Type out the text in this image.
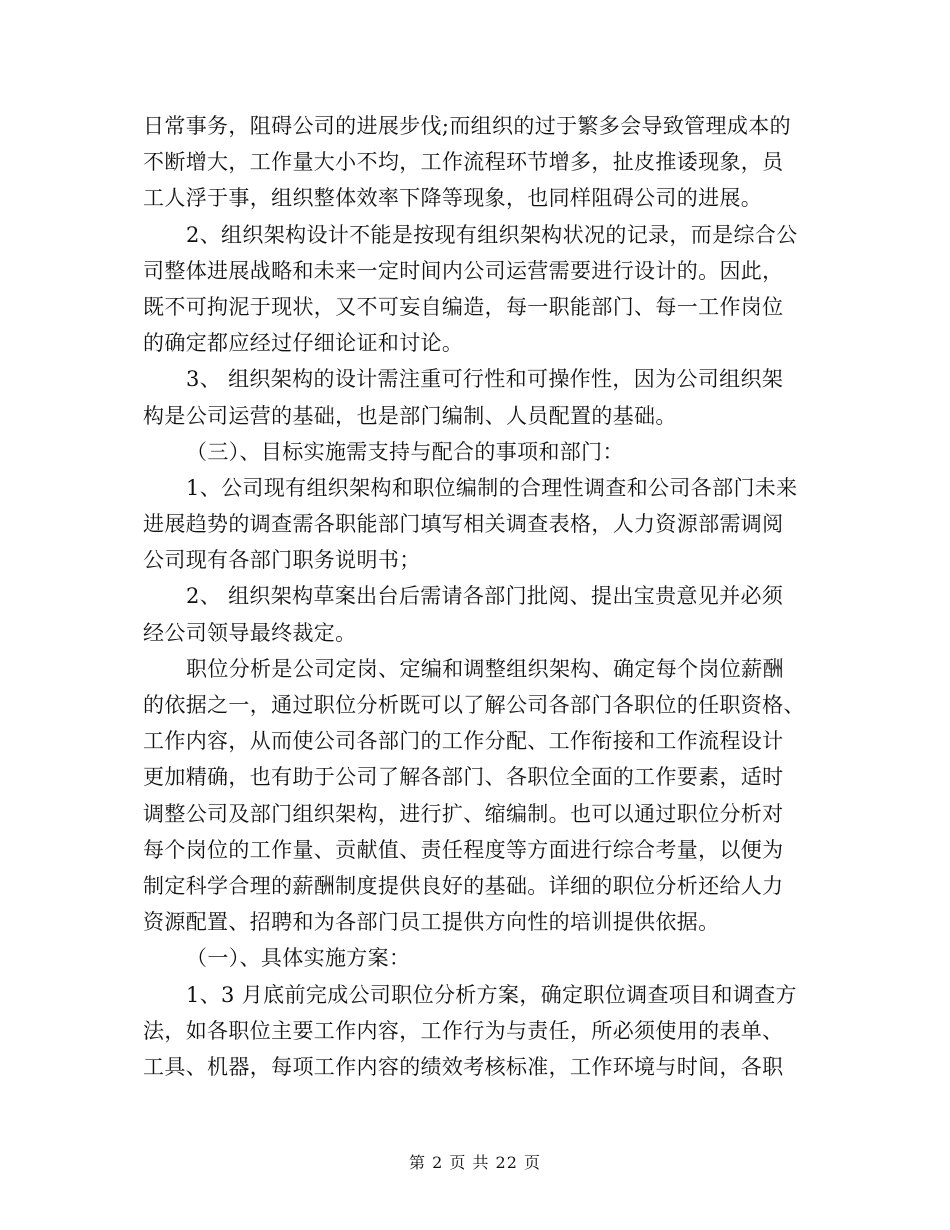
日常事务，阻碍公司的进展步伐;而组织的过于繁多会导致管理成本的
不断增大，工作量大小不均，工作流程环节增多，扯皮推诿现象，员
工人浮于事，组织整体效率下降等现象，也同样阻碍公司的进展。
2、组织架构设计不能是按现有组织架构状况的记录，而是综合公
司整体进展战略和未来一定时间内公司运营需要进行设计的。因此，
既不可拘泥于现状，又不可妄自编造，每一职能部门、每一工作岗位
的确定都应经过仔细论证和讨论。
3、 组织架构的设计需注重可行性和可操作性，因为公司组织架
构是公司运营的基础，也是部门编制、人员配置的基础。
（三）、目标实施需支持与配合的事项和部门：
1、公司现有组织架构和职位编制的合理性调查和公司各部门未来
进展趋势的调查需各职能部门填写相关调查表格，人力资源部需调阅
公司现有各部门职务说明书；
2、 组织架构草案出台后需请各部门批阅、提出宝贵意见并必须
经公司领导最终裁定。
职位分析是公司定岗、定编和调整组织架构、确定每个岗位薪酬
的依据之一，通过职位分析既可以了解公司各部门各职位的任职资格、
工作内容，从而使公司各部门的工作分配、工作衔接和工作流程设计
更加精确，也有助于公司了解各部门、各职位全面的工作要素，适时
调整公司及部门组织架构，进行扩、缩编制。也可以通过职位分析对
每个岗位的工作量、贡献值、责任程度等方面进行综合考量，以便为
制定科学合理的薪酬制度提供良好的基础。详细的职位分析还给人力
资源配置、招聘和为各部门员工提供方向性的培训提供依据。
（一）、具体实施方案：
1、3 月底前完成公司职位分析方案，确定职位调查项目和调查方
法，如各职位主要工作内容，工作行为与责任，所必须使用的表单、
工具、机器，每项工作内容的绩效考核标准，工作环境与时间，各职
第 2 页 共 22 页
